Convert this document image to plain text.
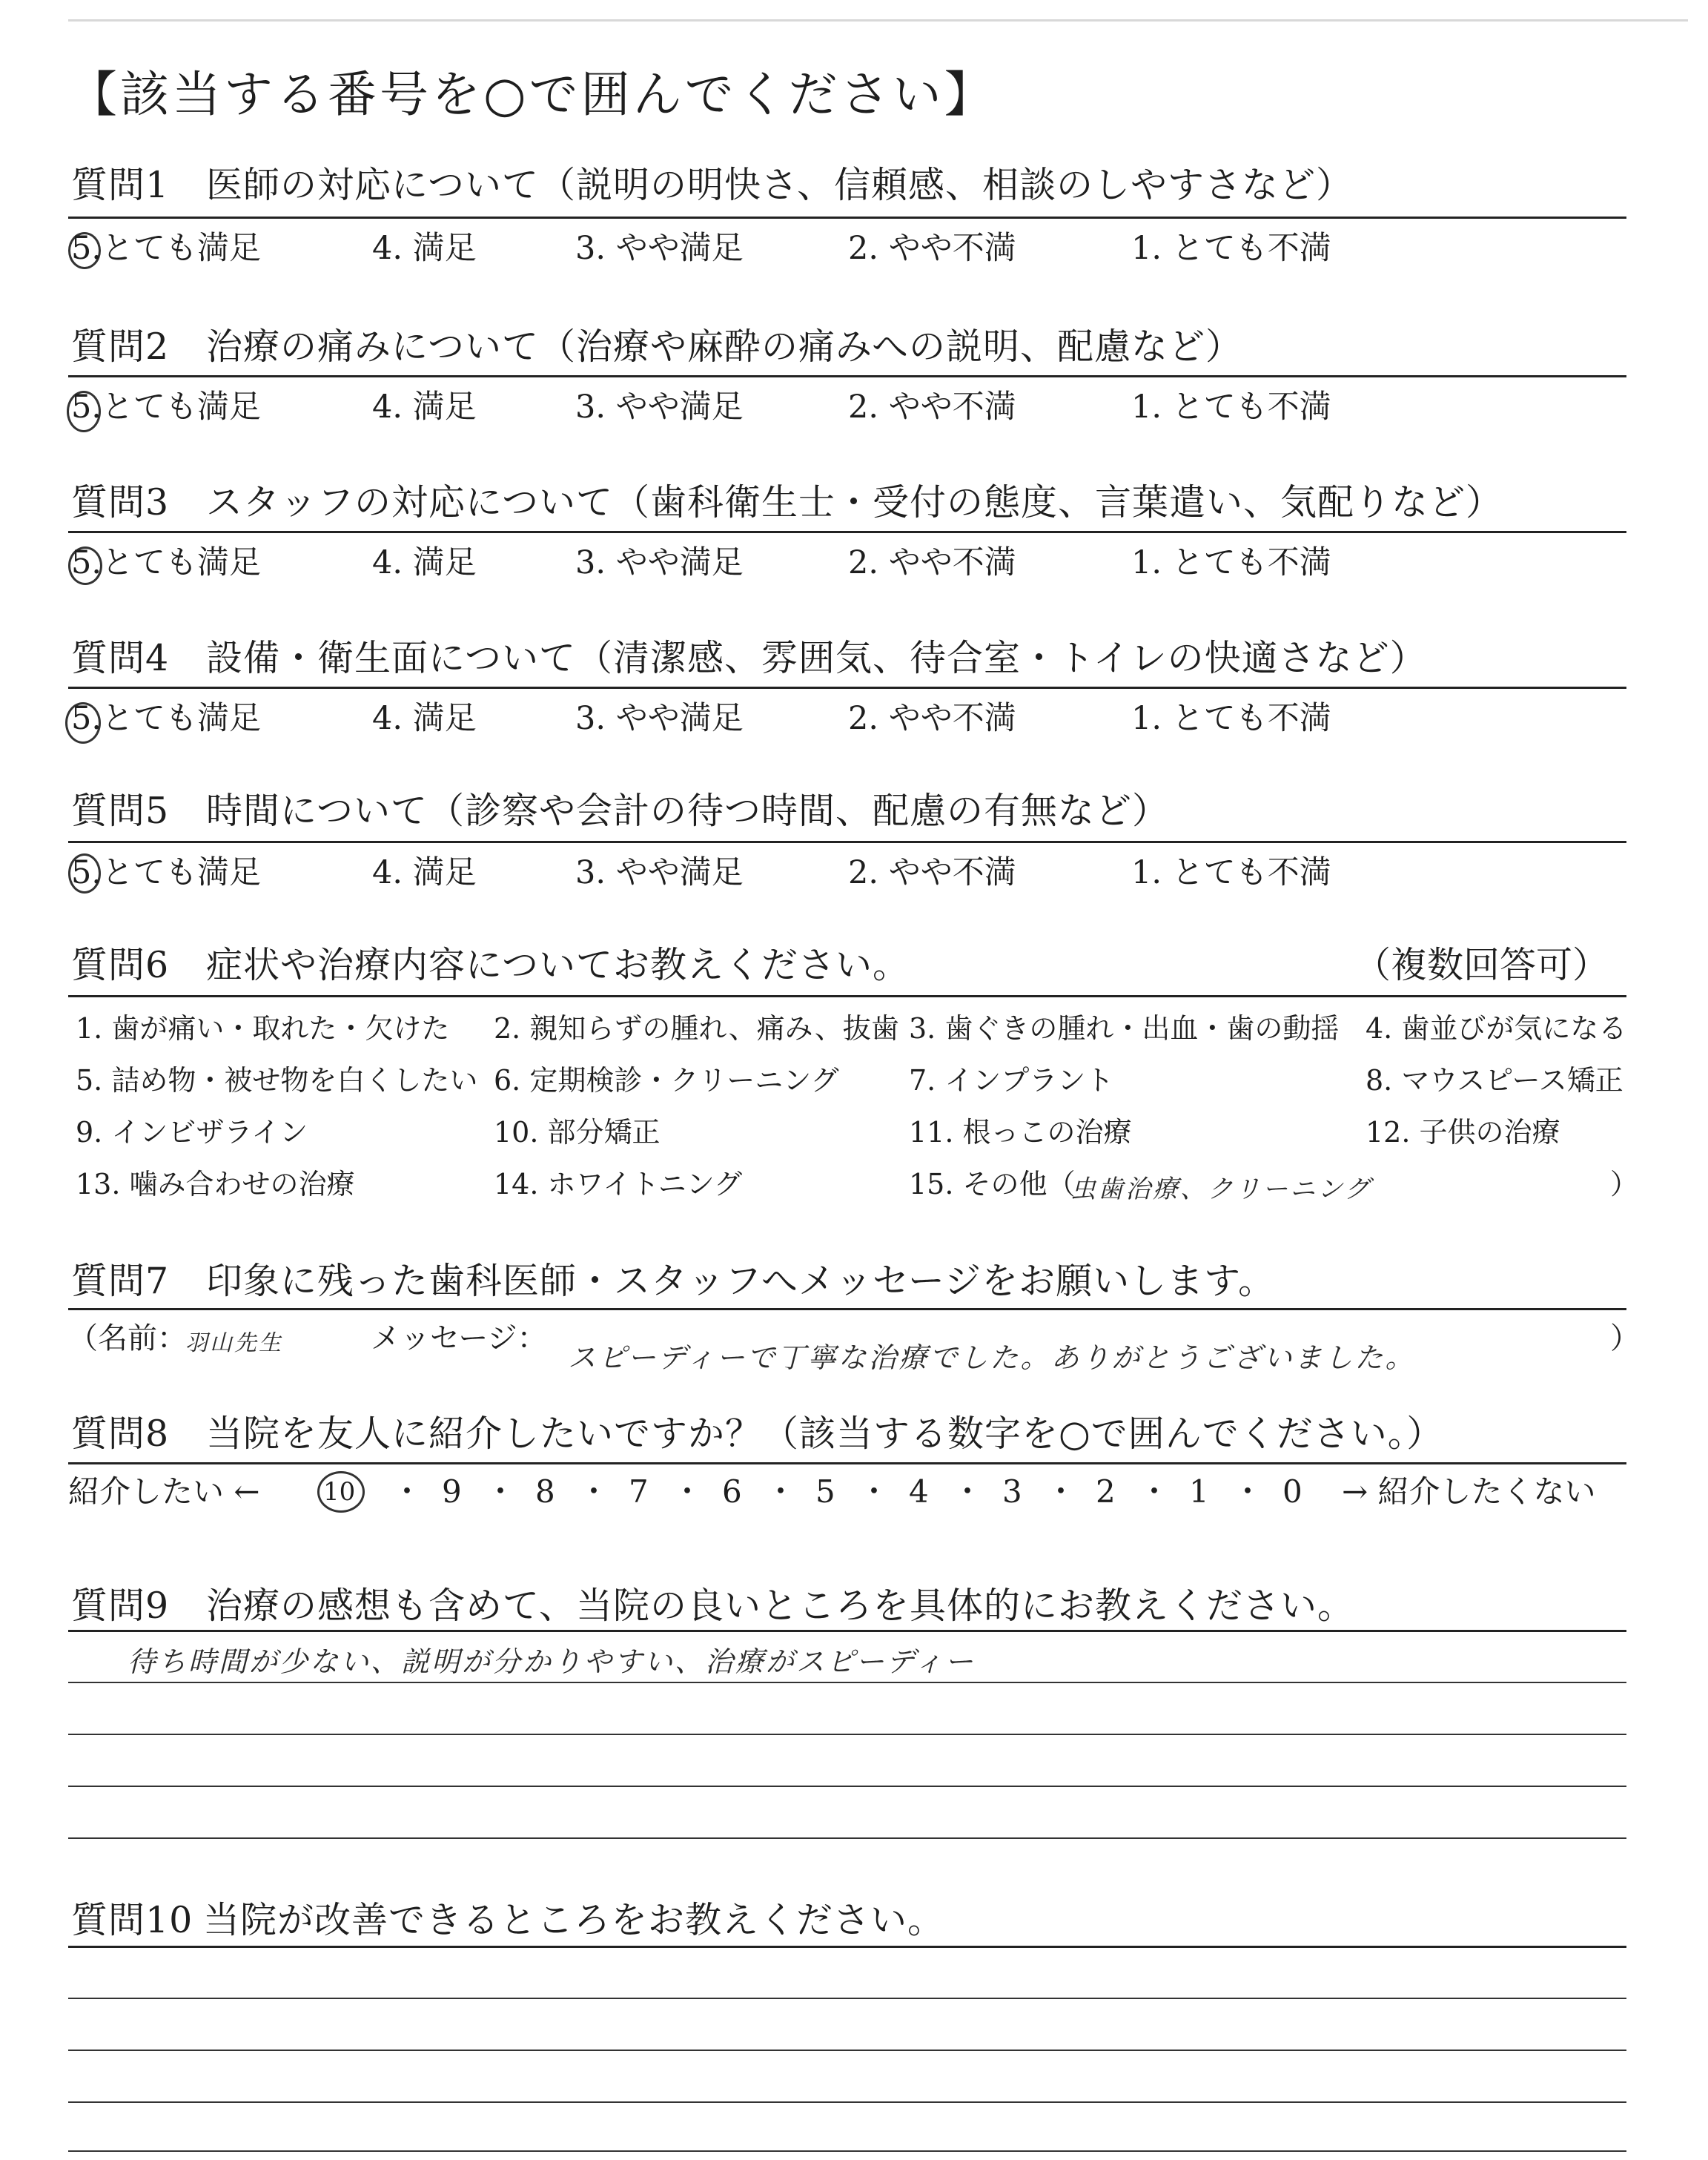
【該当する番号を○で囲んでください】
質問1 医師の対応について（説明の明快さ、信頼感、相談のしやすさなど）
5.とても満足	4. 満足	3. やや満足	2. やや不満	1. とても不満
質問2 治療の痛みについて（治療や麻酔の痛みへの説明、配慮など）
5.とても満足	4. 満足	3. やや満足	2. やや不満	1. とても不満
質問3 スタッフの対応について（歯科衛生士・受付の態度、言葉遣い、気配りなど）
5.とても満足	4. 満足	3. やや満足	2. やや不満	1. とても不満
質問4 設備・衛生面について（清潔感、雰囲気、待合室・トイレの快適さなど）
5.とても満足	4. 満足	3. やや満足	2. やや不満	1. とても不満
質問5 時間について（診察や会計の待つ時間、配慮の有無など）
5.とても満足	4. 満足	3. やや満足	2. やや不満	1. とても不満
質問6 症状や治療内容についてお教えください。	（複数回答可）
1. 歯が痛い・取れた・欠けた 2. 親知らずの腫れ、痛み、抜歯 3. 歯ぐきの腫れ・出血・歯の動揺 4. 歯並びが気になる
5. 詰め物・被せ物を白くしたい 6. 定期検診・クリーニング 7. インプラント	8. マウスピース矯正
9. インビザライン	10. 部分矯正	11. 根っこの治療	12. 子供の治療
13. 噛み合わせの治療	14. ホワイトニング	15. その他（
虫歯治療、クリーニング	）
質問7 印象に残った歯科医師・スタッフへメッセージをお願いします。
（名前：
羽山先生	メッセージ：
スピーディーで丁寧な治療でした。ありがとうございました。
）
質問8 当院を友人に紹介したいですか？（該当する数字を○で囲んでください。）
紹介したい ←	10 ・ 9 ・ 8 ・ 7 ・ 6 ・ 5 ・ 4 ・ 3 ・ 2 ・ 1 ・ 0 → 紹介したくない
質問9 治療の感想も含めて、当院の良いところを具体的にお教えください。
待ち時間が少ない、説明が分かりやすい、治療がスピーディー
質問10 当院が改善できるところをお教えください。
